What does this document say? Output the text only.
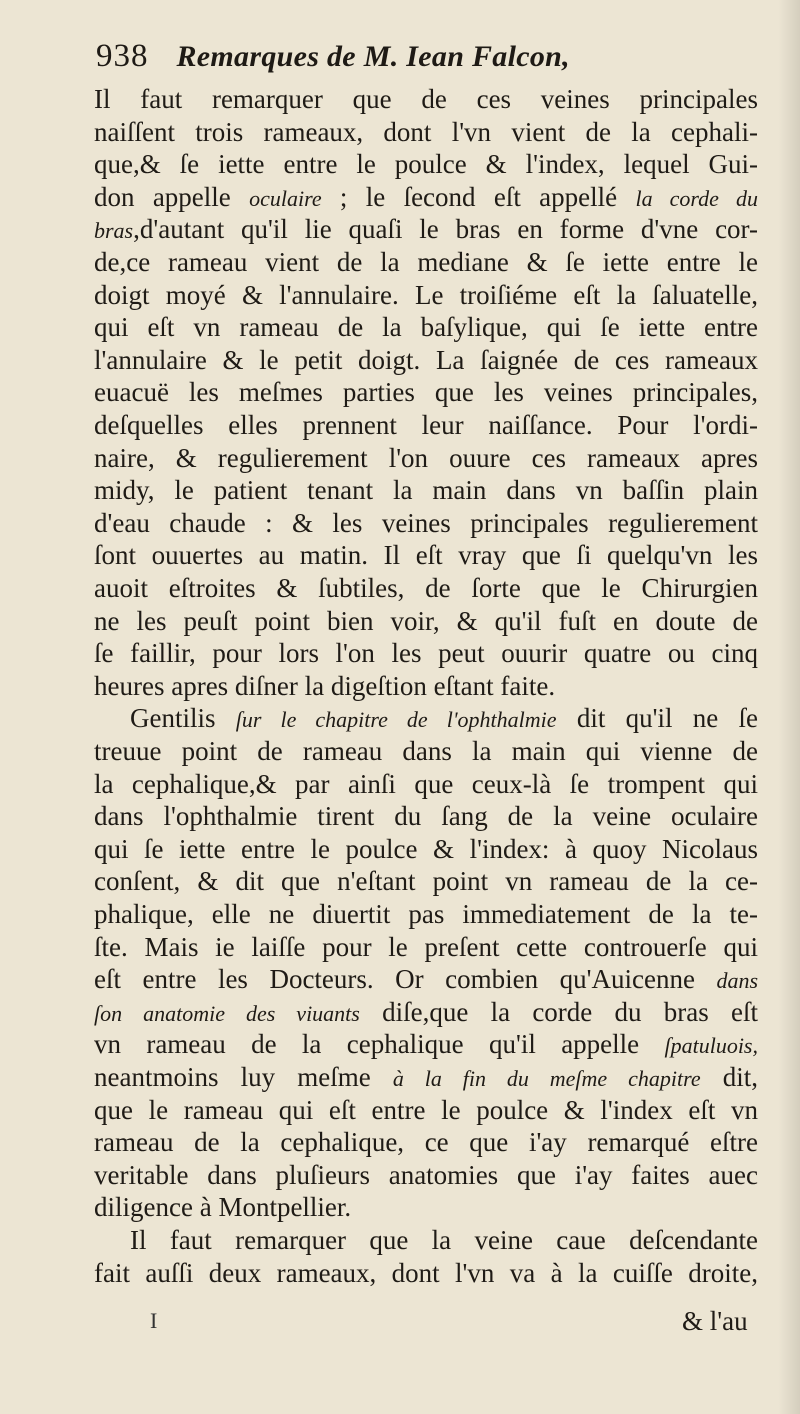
938 Remarques de M. Iean Falcon,
Il faut remarquer que de ces veines principales
naiſſent trois rameaux, dont l'vn vient de la cephali-
que,& ſe iette entre le poulce & l'index, lequel Gui-
don appelle oculaire ; le ſecond eſt appellé la corde du
bras,d'autant qu'il lie quaſi le bras en forme d'vne cor-
de,ce rameau vient de la mediane & ſe iette entre le
doigt moyé & l'annulaire. Le troiſiéme eſt la ſaluatelle,
qui eſt vn rameau de la baſylique, qui ſe iette entre
l'annulaire & le petit doigt. La ſaignée de ces rameaux
euacuë les meſmes parties que les veines principales,
deſquelles elles prennent leur naiſſance. Pour l'ordi-
naire, & regulierement l'on ouure ces rameaux apres
midy, le patient tenant la main dans vn baſſin plain
d'eau chaude : & les veines principales regulierement
ſont ouuertes au matin. Il eſt vray que ſi quelqu'vn les
auoit eſtroites & ſubtiles, de ſorte que le Chirurgien
ne les peuſt point bien voir, & qu'il fuſt en doute de
ſe faillir, pour lors l'on les peut ouurir quatre ou cinq
heures apres diſner la digeſtion eſtant faite.
Gentilis ſur le chapitre de l'ophthalmie dit qu'il ne ſe
treuue point de rameau dans la main qui vienne de
la cephalique,& par ainſi que ceux-là ſe trompent qui
dans l'ophthalmie tirent du ſang de la veine oculaire
qui ſe iette entre le poulce & l'index: à quoy Nicolaus
conſent, & dit que n'eſtant point vn rameau de la ce-
phalique, elle ne diuertit pas immediatement de la te-
ſte. Mais ie laiſſe pour le preſent cette controuerſe qui
eſt entre les Docteurs. Or combien qu'Auicenne dans
ſon anatomie des viuants diſe,que la corde du bras eſt
vn rameau de la cephalique qu'il appelle ſpatuluois,
neantmoins luy meſme à la fin du meſme chapitre dit,
que le rameau qui eſt entre le poulce & l'index eſt vn
rameau de la cephalique, ce que i'ay remarqué eſtre
veritable dans pluſieurs anatomies que i'ay faites auec
diligence à Montpellier.
Il faut remarquer que la veine caue deſcendante
fait auſſi deux rameaux, dont l'vn va à la cuiſſe droite,
I	& l'au
